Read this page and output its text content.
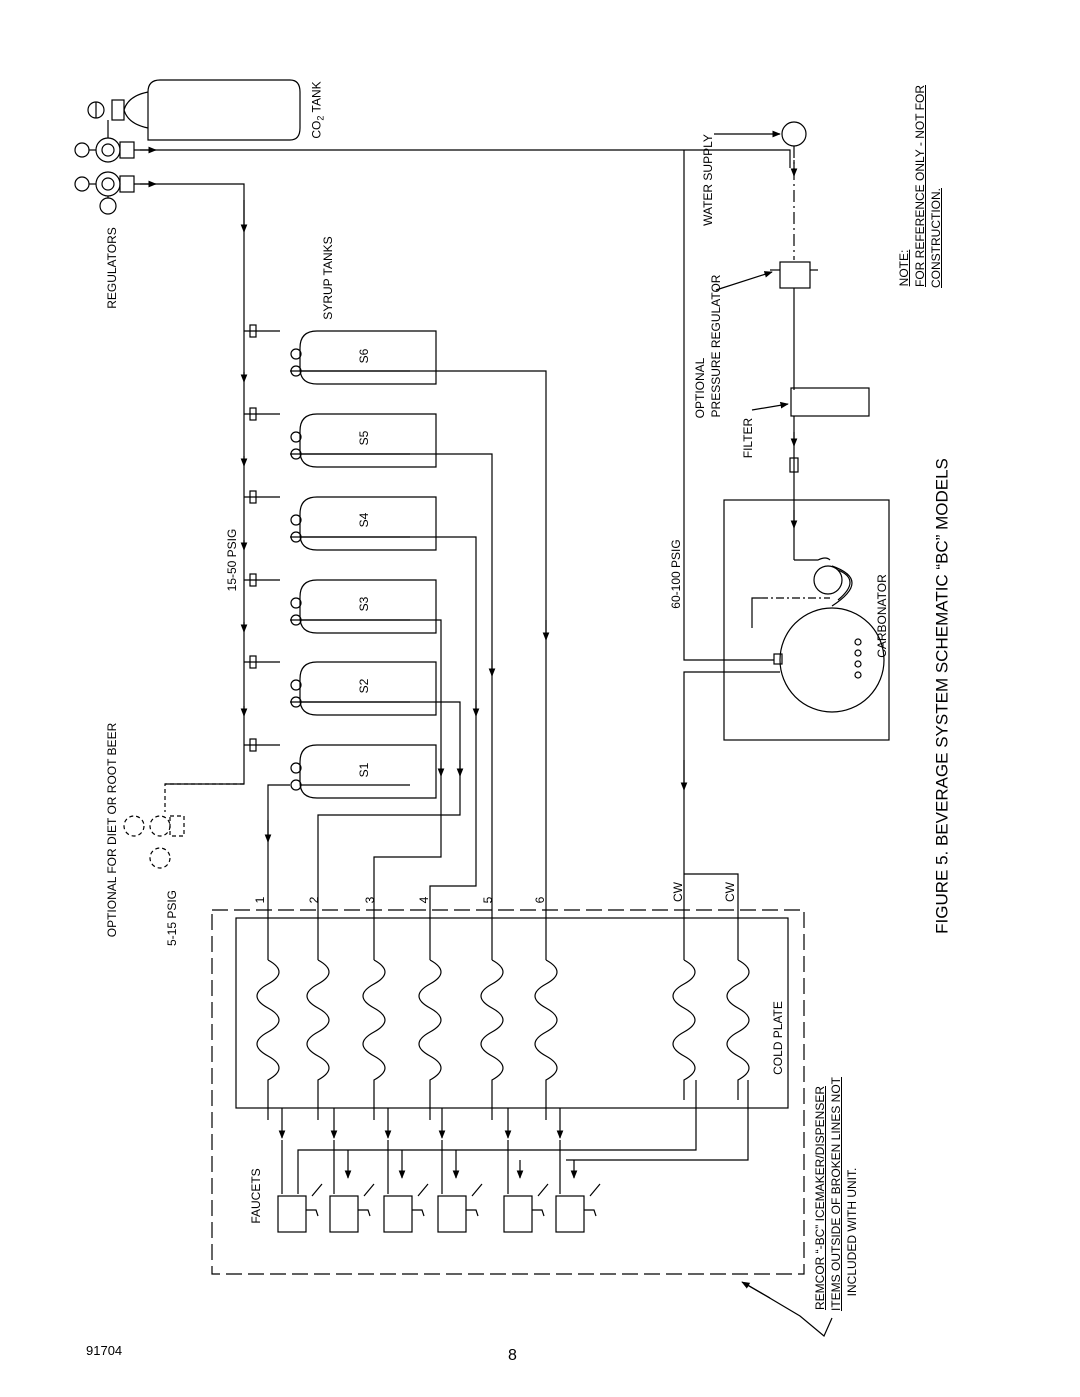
$CO_2$ TANK
REGULATORS	SYRUP TANKS
15-50 PSIG
OPTIONAL FOR DIET OR ROOT BEER	5-15 PSIG
WATER SUPPLY
OPTIONAL PRESSURE REGULATOR
FILTER
60-100 PSIG
CARBONATOR
COLD PLATE
FAUCETS
S1
S2
S3
S4
S5
S6
1	2	3	4	5	6	CW	CW	FIGURE 5. BEVERAGE SYSTEM SCHEMATIC “BC” MODELS
NOTE: FOR REFERENCE ONLY - NOT FOR CONSTRUCTION.
REMCOR “-BC” ICEMAKER/DISPENSER ITEMS OUTSIDE OF BROKEN LINES NOT INCLUDED WITH UNIT.
91704	8
